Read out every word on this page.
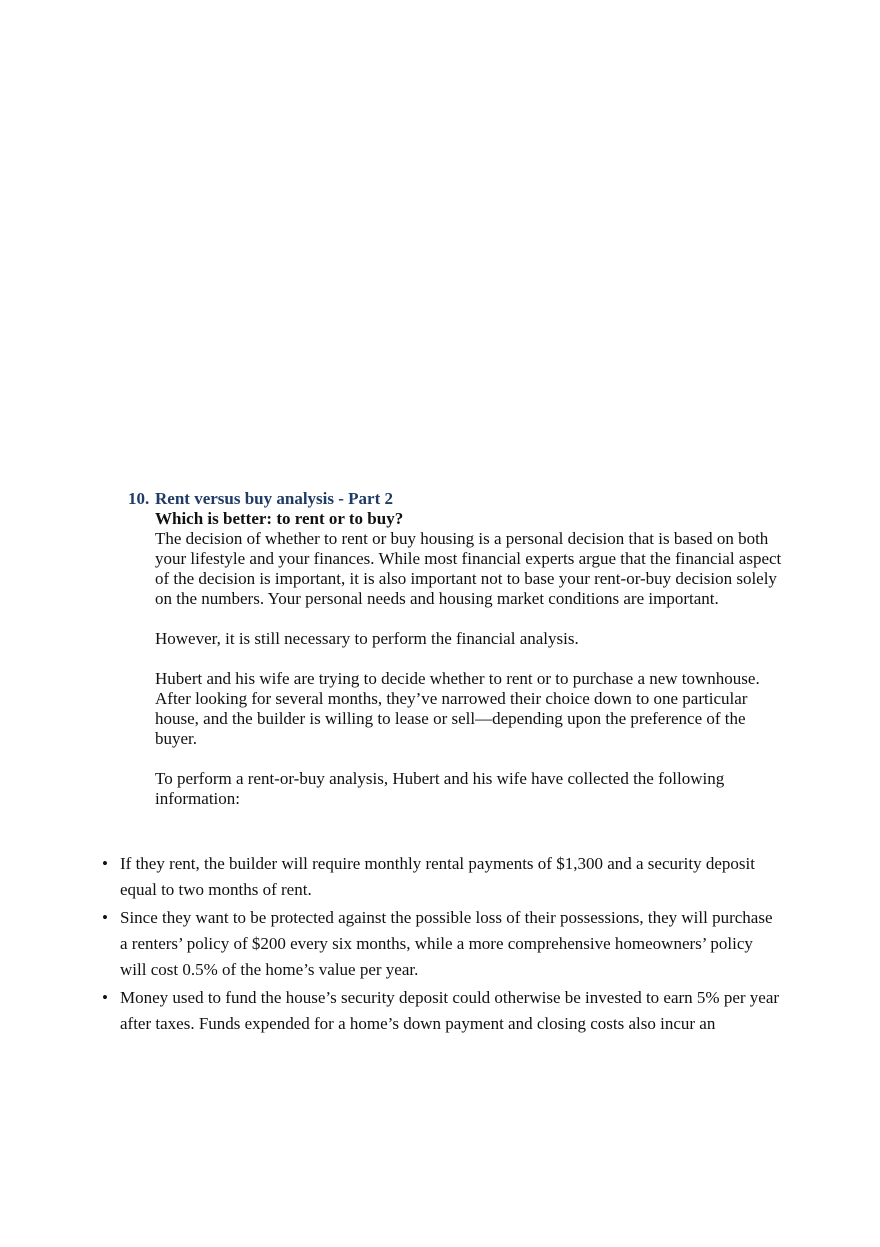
10. Rent versus buy analysis - Part 2
Which is better: to rent or to buy?

The decision of whether to rent or buy housing is a personal decision that is based on both your lifestyle and your finances. While most financial experts argue that the financial aspect of the decision is important, it is also important not to base your rent-or-buy decision solely on the numbers. Your personal needs and housing market conditions are important.

However, it is still necessary to perform the financial analysis.

Hubert and his wife are trying to decide whether to rent or to purchase a new townhouse. After looking for several months, they’ve narrowed their choice down to one particular house, and the builder is willing to lease or sell—depending upon the preference of the buyer.

To perform a rent-or-buy analysis, Hubert and his wife have collected the following information:

• If they rent, the builder will require monthly rental payments of $1,300 and a security deposit equal to two months of rent.
• Since they want to be protected against the possible loss of their possessions, they will purchase a renters’ policy of $200 every six months, while a more comprehensive homeowners’ policy will cost 0.5% of the home’s value per year.
• Money used to fund the house’s security deposit could otherwise be invested to earn 5% per year after taxes. Funds expended for a home’s down payment and closing costs also incur an
